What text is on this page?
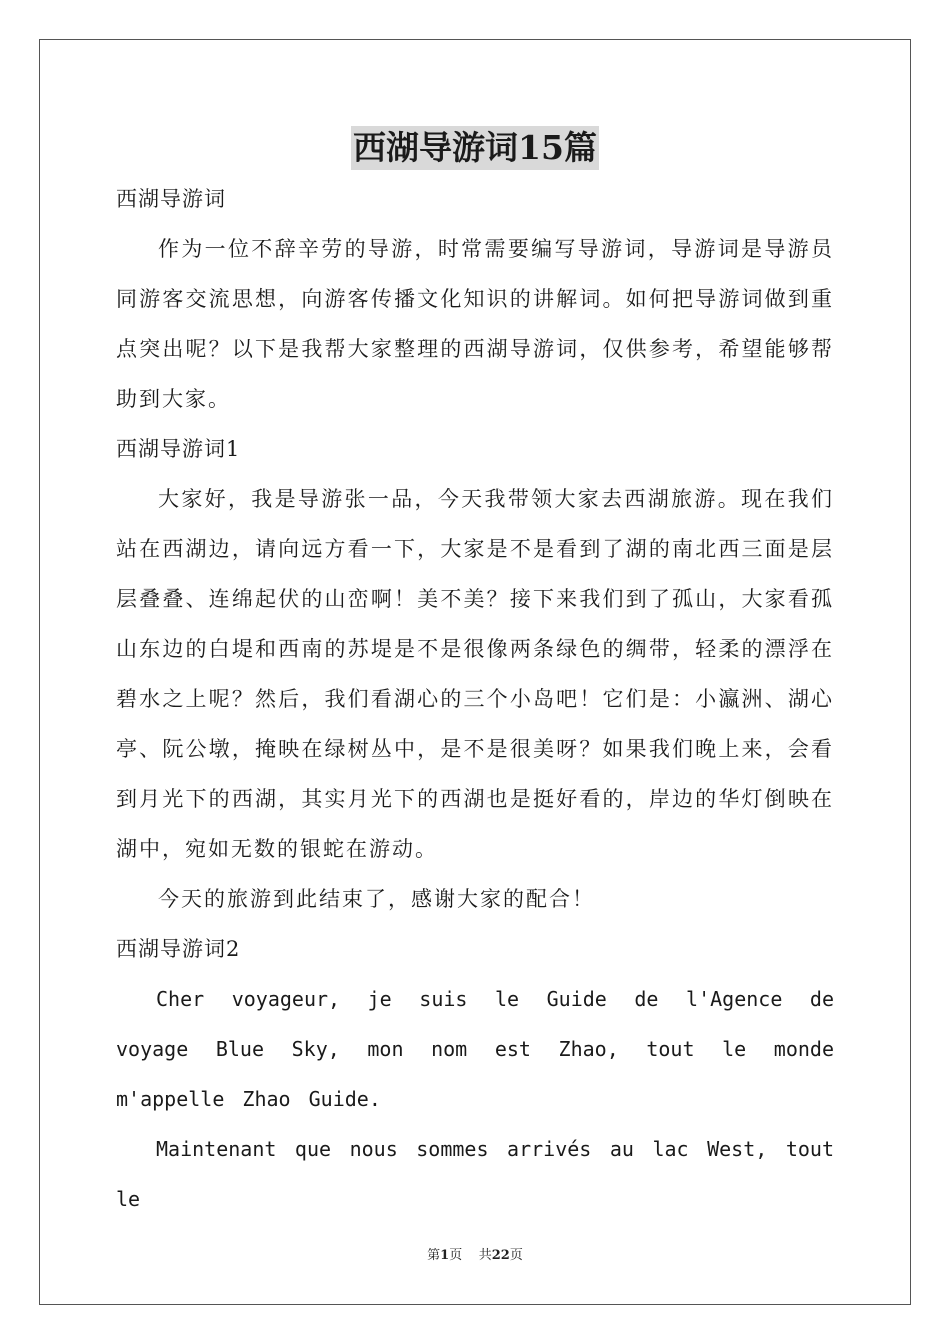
西湖导游词15篇

西湖导游词

作为一位不辞辛劳的导游，时常需要编写导游词，导游词是导游员同游客交流思想，向游客传播文化知识的讲解词。如何把导游词做到重点突出呢？以下是我帮大家整理的西湖导游词，仅供参考，希望能够帮助到大家。

西湖导游词1

大家好，我是导游张一品，今天我带领大家去西湖旅游。现在我们站在西湖边，请向远方看一下，大家是不是看到了湖的南北西三面是层层叠叠、连绵起伏的山峦啊！美不美？接下来我们到了孤山，大家看孤山东边的白堤和西南的苏堤是不是很像两条绿色的绸带，轻柔的漂浮在碧水之上呢？然后，我们看湖心的三个小岛吧！它们是：小瀛洲、湖心亭、阮公墩，掩映在绿树丛中，是不是很美呀？如果我们晚上来，会看到月光下的西湖，其实月光下的西湖也是挺好看的，岸边的华灯倒映在湖中，宛如无数的银蛇在游动。

今天的旅游到此结束了，感谢大家的配合！

西湖导游词2

Cher voyageur, je suis le Guide de l'Agence de voyage Blue Sky, mon nom est Zhao, tout le monde m'appelle Zhao Guide.

Maintenant que nous sommes arrivés au lac West, tout le

第1页 共22页
